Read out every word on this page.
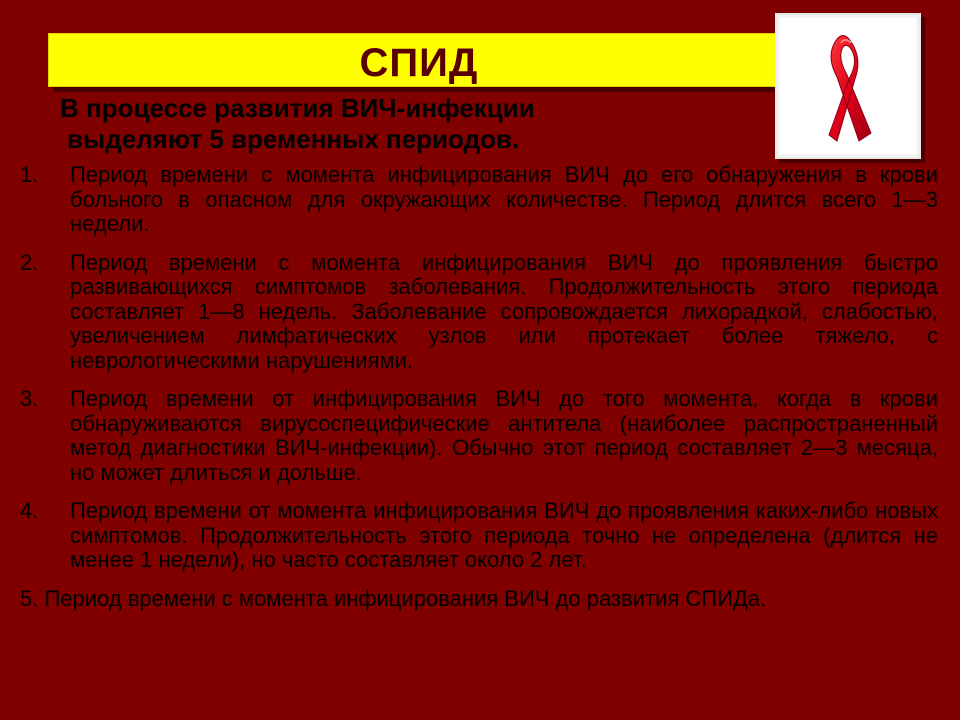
СПИД
В процессе развития ВИЧ-инфекции
выделяют 5 временных периодов.
1. Период времени с момента инфицирования ВИЧ до его обнаружения в крови больного в опасном для окружающих количестве. Период длится всего 1—3 недели.
2. Период времени с момента инфицирования ВИЧ до проявления быстро развивающихся симптомов заболевания. Продолжительность этого периода составляет 1—8 недель. Заболевание сопровождается лихорадкой, слабостью, увеличением лимфатических узлов или протекает более тяжело, с неврологическими нарушениями.
3. Период времени от инфицирования ВИЧ до того момента, когда в крови обнаруживаются вирусоспецифические антитела (наиболее распространенный метод диагностики ВИЧ-инфекции). Обычно этот период составляет 2—3 месяца, но может длиться и дольше.
4. Период времени от момента инфицирования ВИЧ до проявления каких-либо новых симптомов. Продолжительность этого периода точно не определена (длится не менее 1 недели), но часто составляет около 2 лет.
5. Период времени с момента инфицирования ВИЧ до развития СПИДа.
